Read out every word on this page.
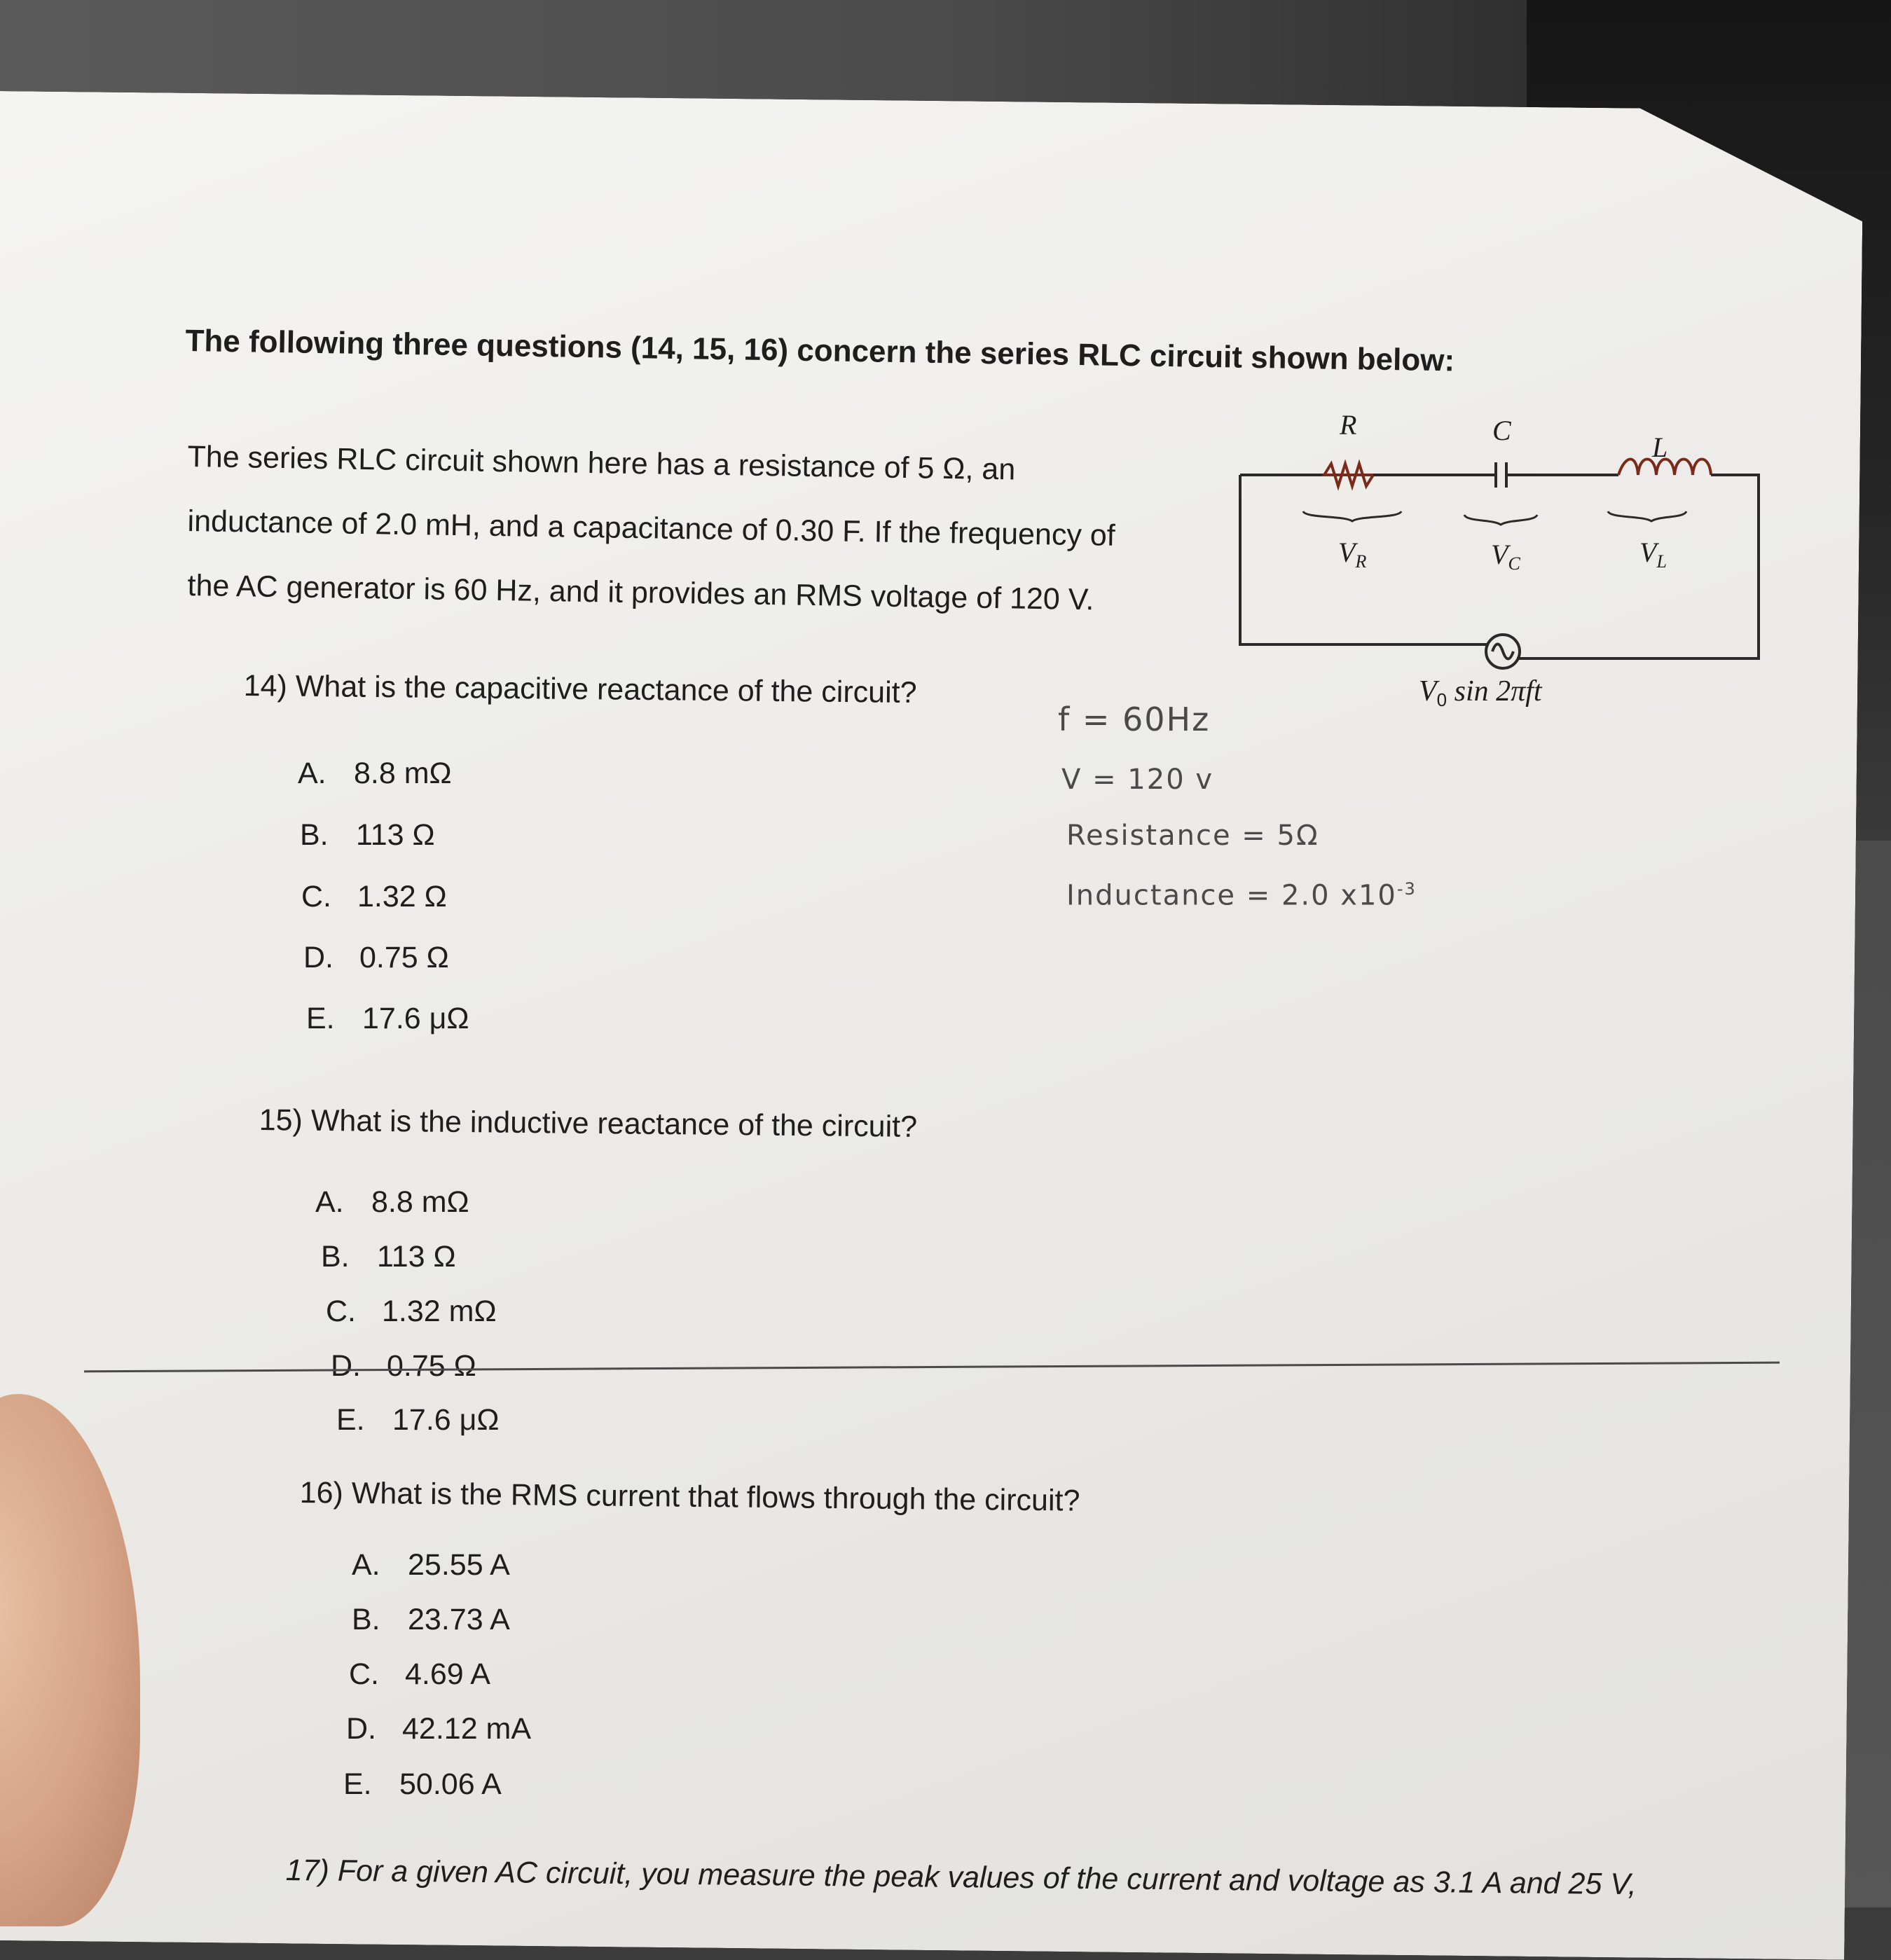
The following three questions (14, 15, 16) concern the series RLC circuit shown below:
The series RLC circuit shown here has a resistance of 5 Ω, an
inductance of 2.0 mH, and a capacitance of 0.30 F. If the frequency of
the AC generator is 60 Hz, and it provides an RMS voltage of 120 V.
R	C
L
$V_R$	$V_C$	$V_L$
V0 sin 2πft
f = 60Hz
V = 120 v
Resistance = 5Ω
Inductance = 2.0 $x10^{-3}$
14) What is the capacitive reactance of the circuit?
A. 8.8 mΩ
B. 113 Ω
C. 1.32 Ω
D. 0.75 Ω
E. 17.6 μΩ
15) What is the inductive reactance of the circuit?
A. 8.8 mΩ
B. 113 Ω
C. 1.32 mΩ
D. 0.75 Ω
E. 17.6 μΩ
16) What is the RMS current that flows through the circuit?
A. 25.55 A
B. 23.73 A
C. 4.69 A
D. 42.12 mA
E. 50.06 A
17) For a given AC circuit, you measure the peak values of the current and voltage as 3.1 A and 25 V,
